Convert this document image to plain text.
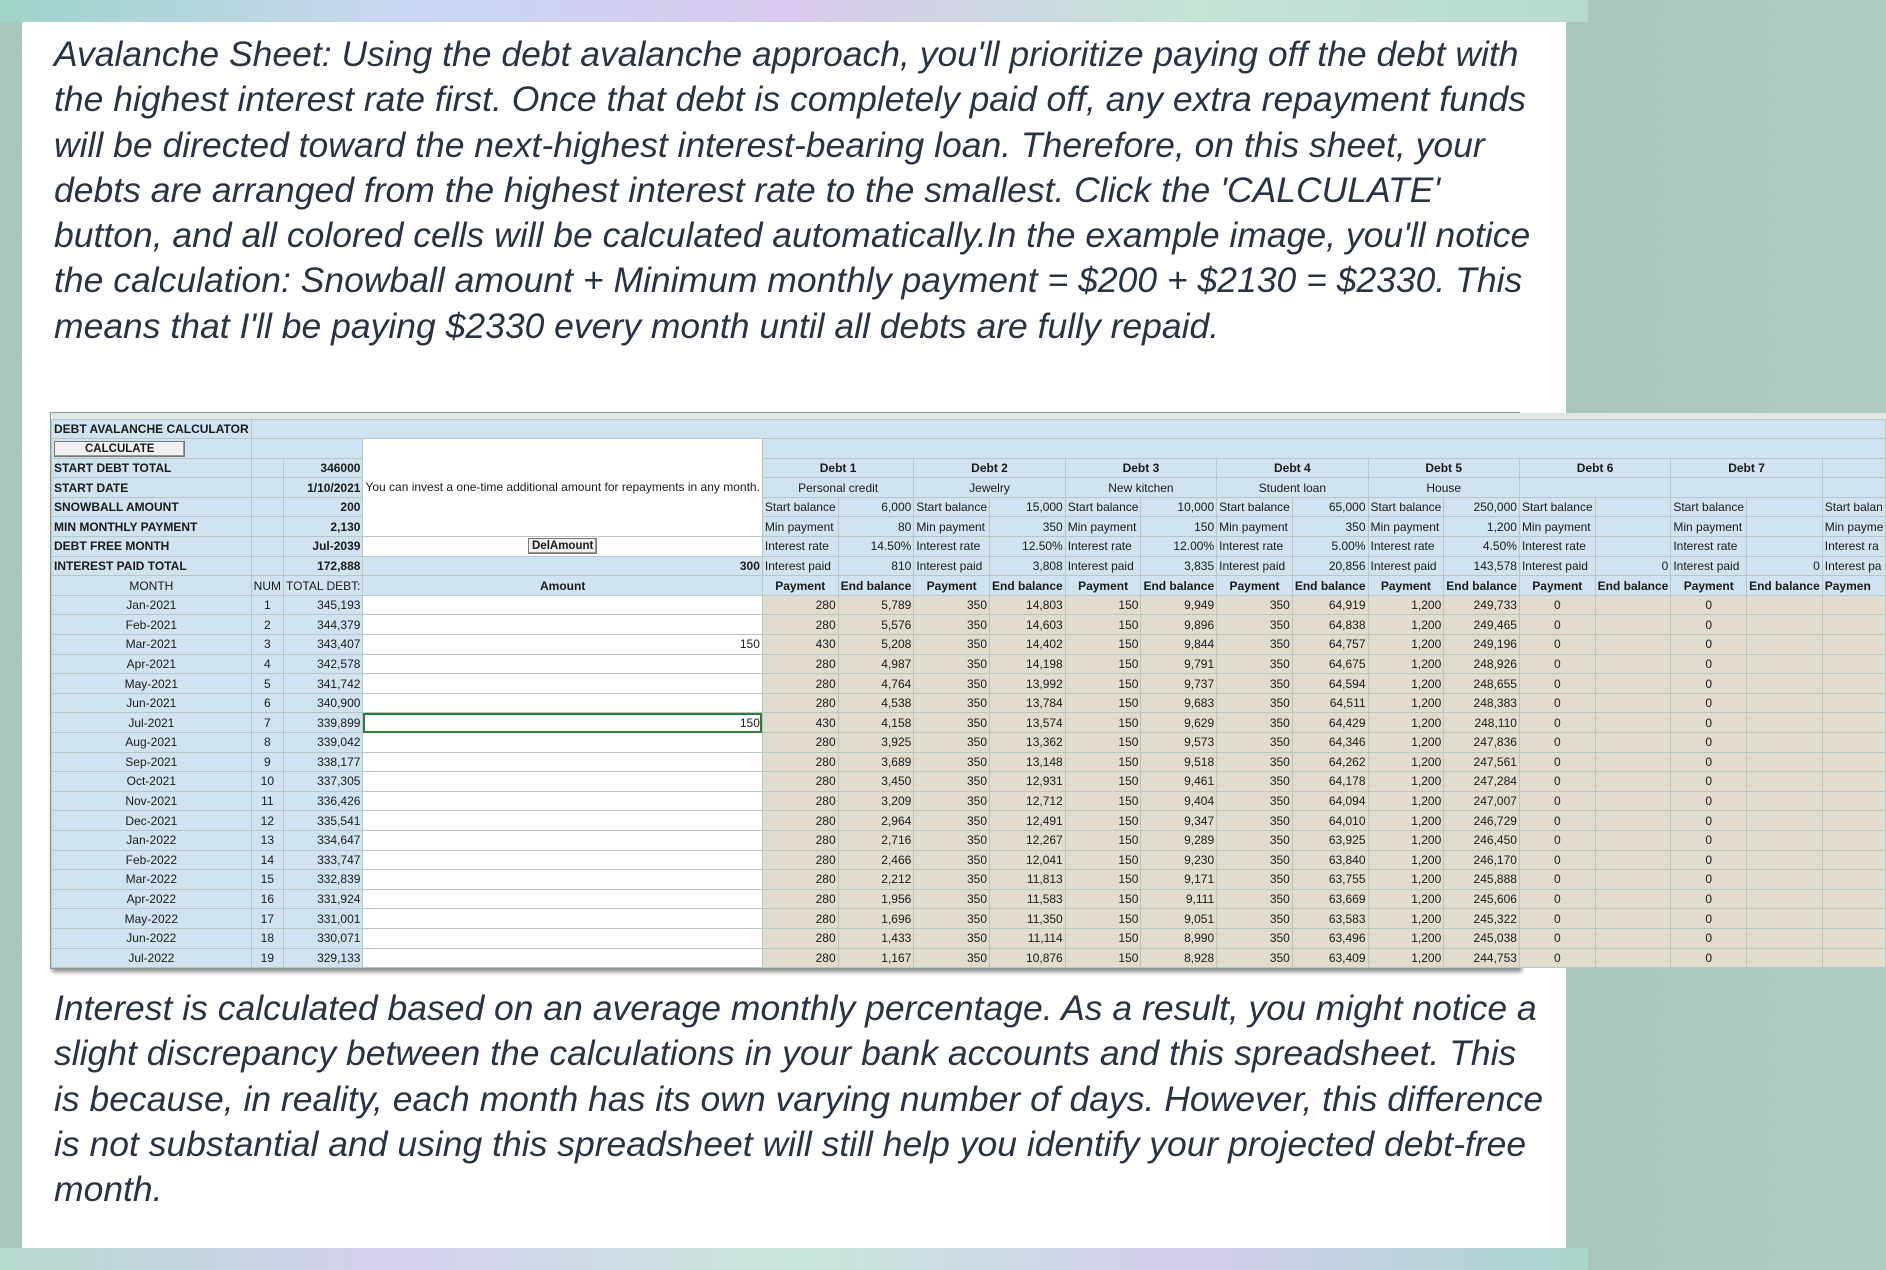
Avalanche Sheet: Using the debt avalanche approach, you'll prioritize paying off the debt with the highest interest rate first. Once that debt is completely paid off, any extra repayment funds will be directed toward the next-highest interest-bearing loan. Therefore, on this sheet, your debts are arranged from the highest interest rate to the smallest. Click the 'CALCULATE' button, and all colored cells will be calculated automatically.In the example image, you'll notice the calculation: Snowball amount + Minimum monthly payment = $200 + $2130 = $2330. This means that I'll be paying $2330 every month until all debts are fully repaid.

DEBT AVALANCHE CALCULATOR																		
CALCULATE			You can invest a one-time additional amount for repayments in any month.															
START DEBT TOTAL		346000		Debt 1		Debt 2		Debt 3		Debt 4		Debt 5		Debt 6		Debt 7		
START DATE		1/10/2021		Personal credit		Jewelry		New kitchen		Student loan		House						
SNOWBALL AMOUNT		200		Start balance	6,000	Start balance	15,000	Start balance	10,000	Start balance	65,000	Start balance	250,000	Start balance		Start balance		Start balan
MIN MONTHLY PAYMENT		2,130		Min payment	80	Min payment	350	Min payment	150	Min payment	350	Min payment	1,200	Min payment		Min payment		Min payme
DEBT FREE MONTH		Jul-2039	DelAmount	Interest rate	14.50%	Interest rate	12.50%	Interest rate	12.00%	Interest rate	5.00%	Interest rate	4.50%	Interest rate		Interest rate		Interest ra
INTEREST PAID TOTAL		172,888	300	Interest paid	810	Interest paid	3,808	Interest paid	3,835	Interest paid	20,856	Interest paid	143,578	Interest paid	0	Interest paid	0	Interest pa
MONTH	NUM	TOTAL DEBT:	Amount	Payment	End balance	Payment	End balance	Payment	End balance	Payment	End balance	Payment	End balance	Payment	End balance	Payment	End balance	Paymen
Jan-2021	1	345,193		280	5,789	350	14,803	150	9,949	350	64,919	1,200	249,733	0		0		
Feb-2021	2	344,379		280	5,576	350	14,603	150	9,896	350	64,838	1,200	249,465	0		0		
Mar-2021	3	343,407	150	430	5,208	350	14,402	150	9,844	350	64,757	1,200	249,196	0		0		
Apr-2021	4	342,578		280	4,987	350	14,198	150	9,791	350	64,675	1,200	248,926	0		0		
May-2021	5	341,742		280	4,764	350	13,992	150	9,737	350	64,594	1,200	248,655	0		0		
Jun-2021	6	340,900		280	4,538	350	13,784	150	9,683	350	64,511	1,200	248,383	0		0		
Jul-2021	7	339,899	150	430	4,158	350	13,574	150	9,629	350	64,429	1,200	248,110	0		0		
Aug-2021	8	339,042		280	3,925	350	13,362	150	9,573	350	64,346	1,200	247,836	0		0		
Sep-2021	9	338,177		280	3,689	350	13,148	150	9,518	350	64,262	1,200	247,561	0		0		
Oct-2021	10	337,305		280	3,450	350	12,931	150	9,461	350	64,178	1,200	247,284	0		0		
Nov-2021	11	336,426		280	3,209	350	12,712	150	9,404	350	64,094	1,200	247,007	0		0		
Dec-2021	12	335,541		280	2,964	350	12,491	150	9,347	350	64,010	1,200	246,729	0		0		
Jan-2022	13	334,647		280	2,716	350	12,267	150	9,289	350	63,925	1,200	246,450	0		0		
Feb-2022	14	333,747		280	2,466	350	12,041	150	9,230	350	63,840	1,200	246,170	0		0		
Mar-2022	15	332,839		280	2,212	350	11,813	150	9,171	350	63,755	1,200	245,888	0		0		
Apr-2022	16	331,924		280	1,956	350	11,583	150	9,111	350	63,669	1,200	245,606	0		0		
May-2022	17	331,001		280	1,696	350	11,350	150	9,051	350	63,583	1,200	245,322	0		0		
Jun-2022	18	330,071		280	1,433	350	11,114	150	8,990	350	63,496	1,200	245,038	0		0		
Jul-2022	19	329,133		280	1,167	350	10,876	150	8,928	350	63,409	1,200	244,753	0		0		
Interest is calculated based on an average monthly percentage. As a result, you might notice a slight discrepancy between the calculations in your bank accounts and this spreadsheet. This is because, in reality, each month has its own varying number of days. However, this difference is not substantial and using this spreadsheet will still help you identify your projected debt-free month.
